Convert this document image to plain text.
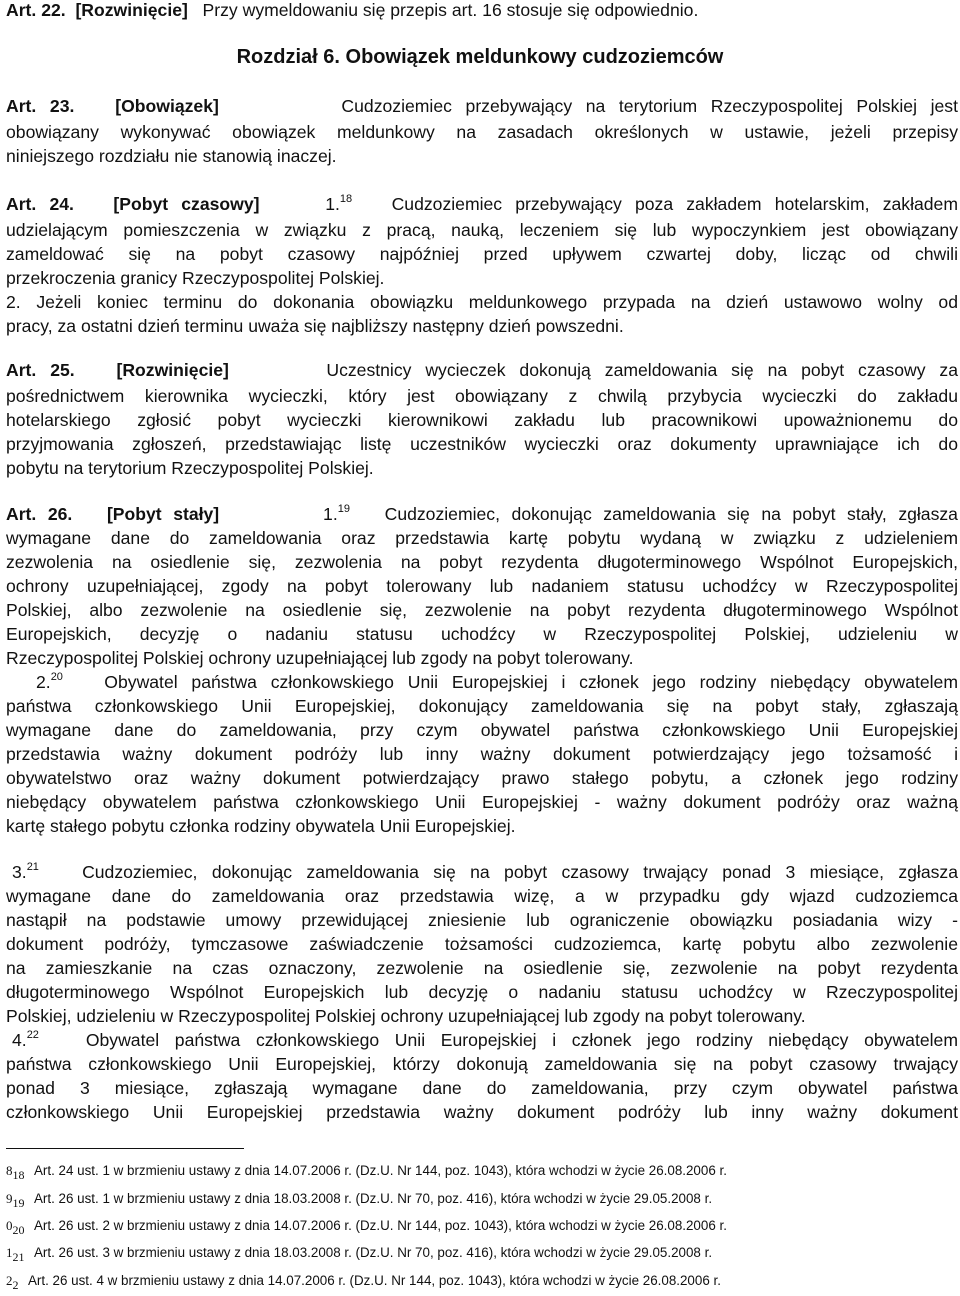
Art. 22. [Rozwinięcie] Przy wymeldowaniu się przepis art. 16 stosuje się odpowiednio.
Rozdział 6. Obowiązek meldunkowy cudzoziemców
Art. 23. [Obowiązek]	Cudzoziemiec przebywający na terytorium Rzeczypospolitej Polskiej jest
obowiązany wykonywać obowiązek meldunkowy na zasadach określonych w ustawie, jeżeli przepisy
niniejszego rozdziału nie stanowią inaczej.
Art. 24. [Pobyt czasowy]	1.18 Cudzoziemiec przebywający poza zakładem hotelarskim, zakładem
udzielającym pomieszczenia w związku z pracą, nauką, leczeniem się lub wypoczynkiem jest obowiązany
zameldować się na pobyt czasowy najpóźniej przed upływem czwartej doby, licząc od chwili
przekroczenia granicy Rzeczypospolitej Polskiej.
2. Jeżeli koniec terminu do dokonania obowiązku meldunkowego przypada na dzień ustawowo wolny od
pracy, za ostatni dzień terminu uważa się najbliższy następny dzień powszedni.
Art. 25. [Rozwinięcie]	Uczestnicy wycieczek dokonują zameldowania się na pobyt czasowy za
pośrednictwem kierownika wycieczki, który jest obowiązany z chwilą przybycia wycieczki do zakładu
hotelarskiego zgłosić pobyt wycieczki kierownikowi zakładu lub pracownikowi upoważnionemu do
przyjmowania zgłoszeń, przedstawiając listę uczestników wycieczki oraz dokumenty uprawniające ich do
pobytu na terytorium Rzeczypospolitej Polskiej.
Art. 26. [Pobyt stały]	1.19 Cudzoziemiec, dokonując zameldowania się na pobyt stały, zgłasza
wymagane dane do zameldowania oraz przedstawia kartę pobytu wydaną w związku z udzieleniem
zezwolenia na osiedlenie się, zezwolenia na pobyt rezydenta długoterminowego Wspólnot Europejskich,
ochrony uzupełniającej, zgody na pobyt tolerowany lub nadaniem statusu uchodźcy w Rzeczypospolitej
Polskiej, albo zezwolenie na osiedlenie się, zezwolenie na pobyt rezydenta długoterminowego Wspólnot
Europejskich, decyzję o nadaniu statusu uchodźcy w Rzeczypospolitej Polskiej, udzieleniu w
Rzeczypospolitej Polskiej ochrony uzupełniającej lub zgody na pobyt tolerowany.
2.20 Obywatel państwa członkowskiego Unii Europejskiej i członek jego rodziny niebędący obywatelem
państwa członkowskiego Unii Europejskiej, dokonujący zameldowania się na pobyt stały, zgłaszają
wymagane dane do zameldowania, przy czym obywatel państwa członkowskiego Unii Europejskiej
przedstawia ważny dokument podróży lub inny ważny dokument potwierdzający jego tożsamość i
obywatelstwo oraz ważny dokument potwierdzający prawo stałego pobytu, a członek jego rodziny
niebędący obywatelem państwa członkowskiego Unii Europejskiej - ważny dokument podróży oraz ważną
kartę stałego pobytu członka rodziny obywatela Unii Europejskiej.
3.21 Cudzoziemiec, dokonując zameldowania się na pobyt czasowy trwający ponad 3 miesiące, zgłasza
wymagane dane do zameldowania oraz przedstawia wizę, a w przypadku gdy wjazd cudzoziemca
nastąpił na podstawie umowy przewidującej zniesienie lub ograniczenie obowiązku posiadania wizy -
dokument podróży, tymczasowe zaświadczenie tożsamości cudzoziemca, kartę pobytu albo zezwolenie
na zamieszkanie na czas oznaczony, zezwolenie na osiedlenie się, zezwolenie na pobyt rezydenta
długoterminowego Wspólnot Europejskich lub decyzję o nadaniu statusu uchodźcy w Rzeczypospolitej
Polskiej, udzieleniu w Rzeczypospolitej Polskiej ochrony uzupełniającej lub zgody na pobyt tolerowany.
4.22	Obywatel państwa członkowskiego Unii Europejskiej i członek jego rodziny niebędący obywatelem
państwa członkowskiego Unii Europejskiej, którzy dokonują zameldowania się na pobyt czasowy trwający
ponad 3 miesiące, zgłaszają wymagane dane do zameldowania, przy czym obywatel państwa
członkowskiego Unii Europejskiej przedstawia ważny dokument podróży lub inny ważny dokument
$8_{18}$ Art. 24 ust. 1 w brzmieniu ustawy z dnia 14.07.2006 r. (Dz.U. Nr 144, poz. 1043), która wchodzi w życie 26.08.2006 r.
$9_{19}$ Art. 26 ust. 1 w brzmieniu ustawy z dnia 18.03.2008 r. (Dz.U. Nr 70, poz. 416), która wchodzi w życie 29.05.2008 r.
$0_{20}$ Art. 26 ust. 2 w brzmieniu ustawy z dnia 14.07.2006 r. (Dz.U. Nr 144, poz. 1043), która wchodzi w życie 26.08.2006 r.
$1_{21}$ Art. 26 ust. 3 w brzmieniu ustawy z dnia 18.03.2008 r. (Dz.U. Nr 70, poz. 416), która wchodzi w życie 29.05.2008 r.
$2_2$ Art. 26 ust. 4 w brzmieniu ustawy z dnia 14.07.2006 r. (Dz.U. Nr 144, poz. 1043), która wchodzi w życie 26.08.2006 r.
